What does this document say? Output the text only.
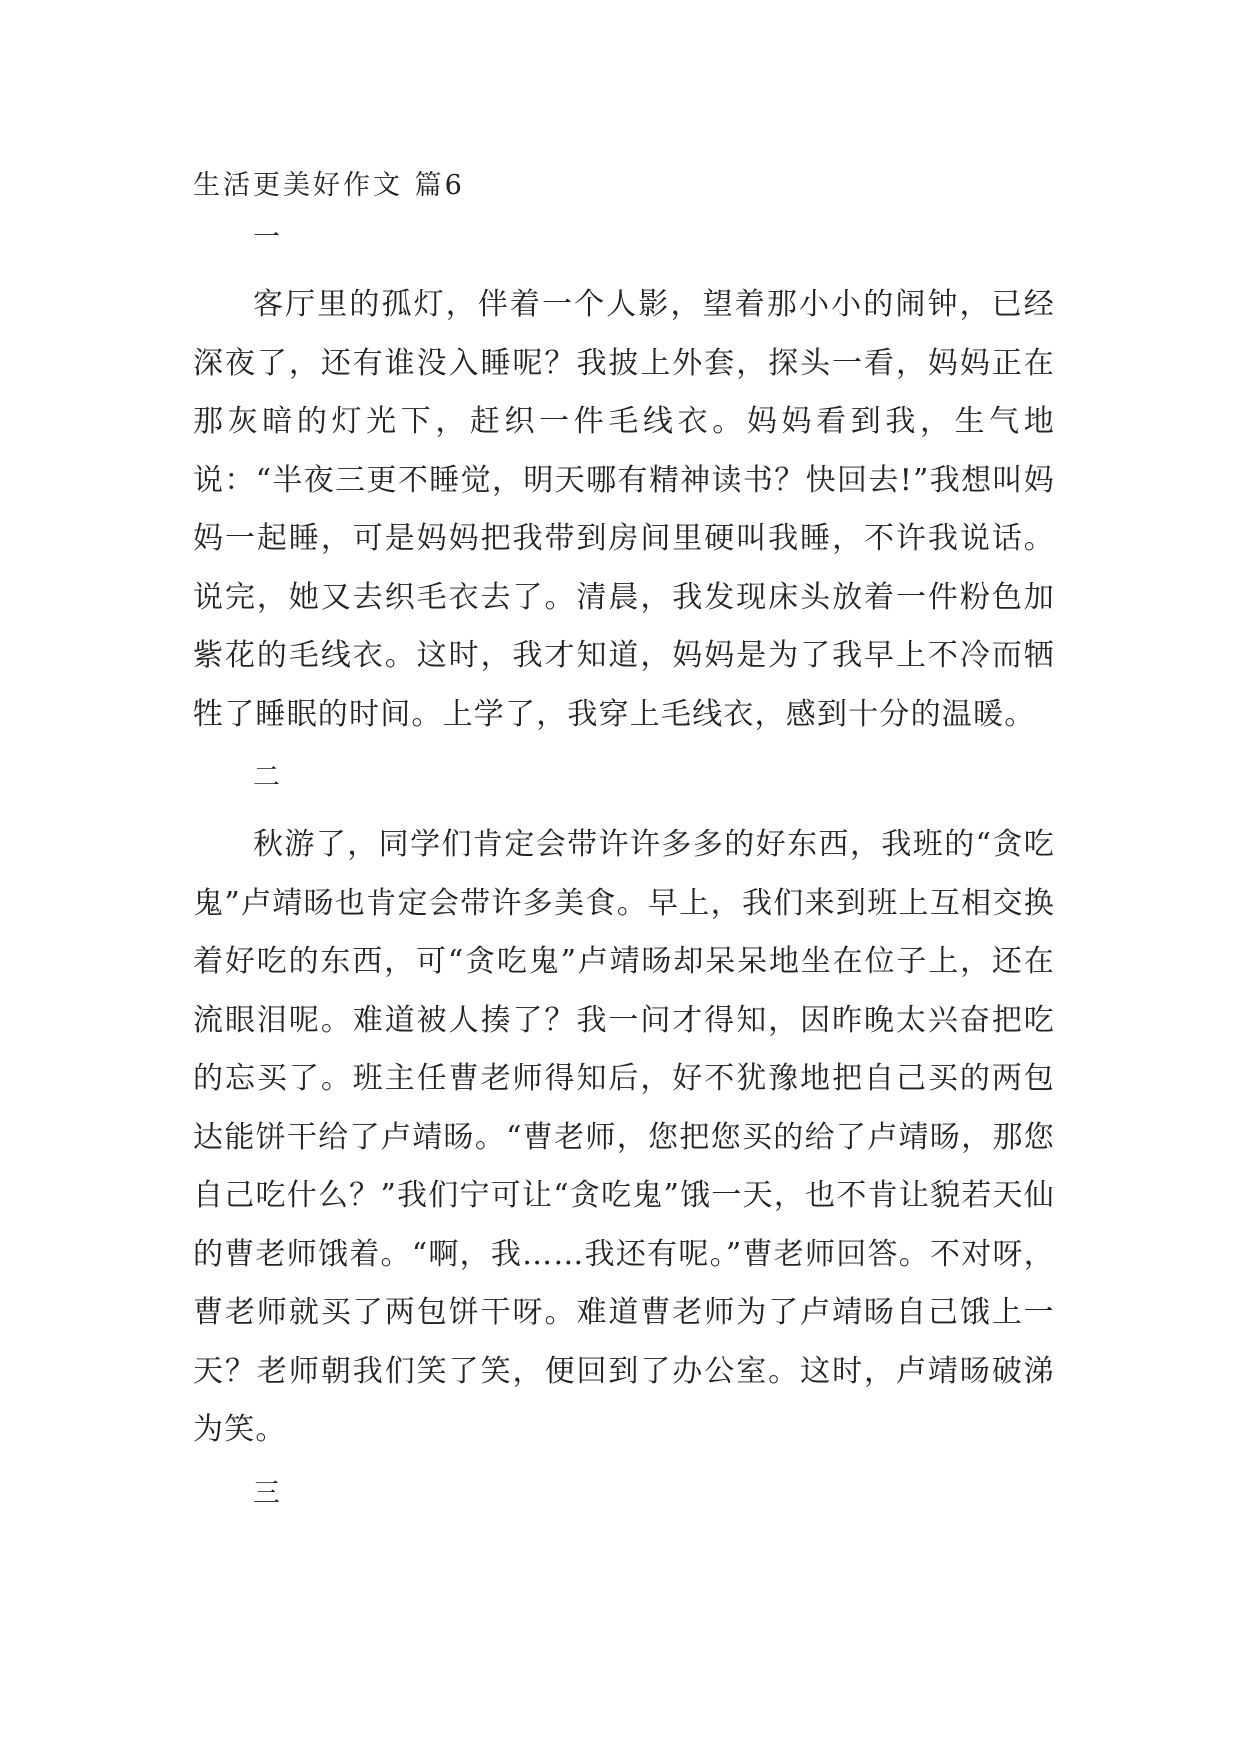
生活更美好作文 篇6
一

客厅里的孤灯，伴着一个人影，望着那小小的闹钟，已经深夜了，还有谁没入睡呢？我披上外套，探头一看，妈妈正在那灰暗的灯光下，赶织一件毛线衣。妈妈看到我，生气地说：“半夜三更不睡觉，明天哪有精神读书？快回去!”我想叫妈妈一起睡，可是妈妈把我带到房间里硬叫我睡，不许我说话。说完，她又去织毛衣去了。清晨，我发现床头放着一件粉色加紫花的毛线衣。这时，我才知道，妈妈是为了我早上不冷而牺牲了睡眠的时间。上学了，我穿上毛线衣，感到十分的温暖。

二

秋游了，同学们肯定会带许许多多的好东西，我班的“贪吃鬼”卢靖旸也肯定会带许多美食。早上，我们来到班上互相交换着好吃的东西，可“贪吃鬼”卢靖旸却呆呆地坐在位子上，还在流眼泪呢。难道被人揍了？我一问才得知，因昨晚太兴奋把吃的忘买了。班主任曹老师得知后，好不犹豫地把自己买的两包达能饼干给了卢靖旸。“曹老师，您把您买的给了卢靖旸，那您自己吃什么？”我们宁可让“贪吃鬼”饿一天，也不肯让貌若天仙的曹老师饿着。“啊，我……我还有呢。”曹老师回答。不对呀，曹老师就买了两包饼干呀。难道曹老师为了卢靖旸自己饿上一天？老师朝我们笑了笑，便回到了办公室。这时，卢靖旸破涕为笑。

三
